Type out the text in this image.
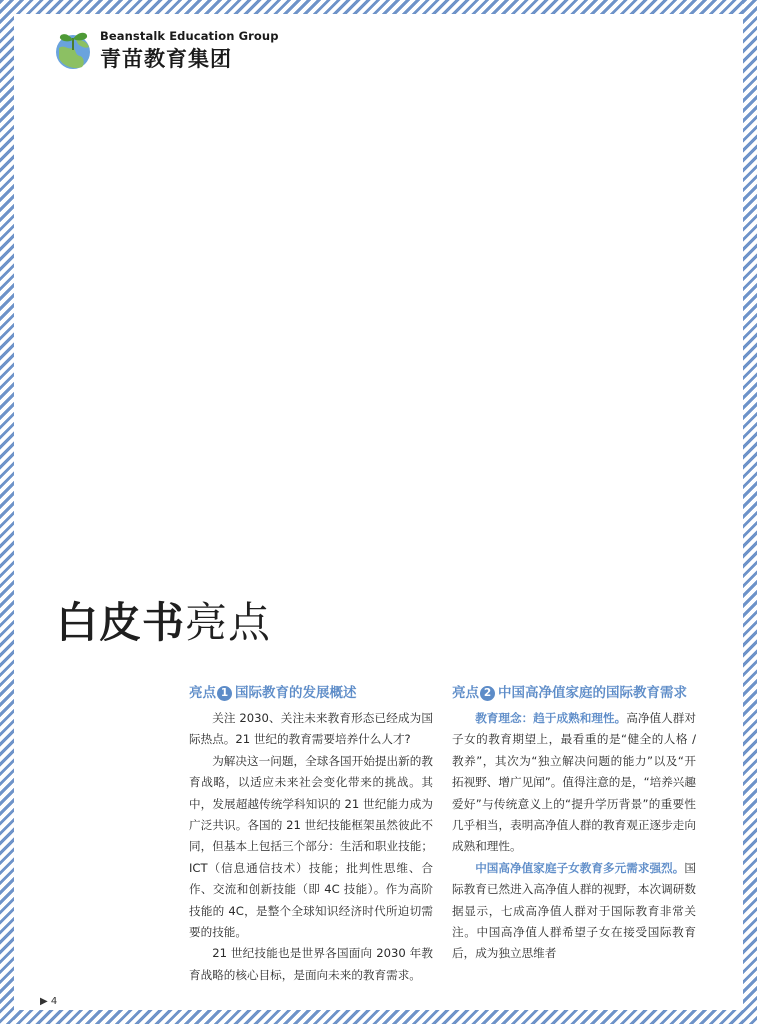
Beanstalk Education Group
青苗教育集团
白皮书亮点
亮点 1 国际教育的发展概述

关注 2030、关注未来教育形态已经成为国际热点。21 世纪的教育需要培养什么人才?

为解决这一问题，全球各国开始提出新的教育战略，以适应未来社会变化带来的挑战。其中，发展超越传统学科知识的 21 世纪能力成为广泛共识。各国的 21 世纪技能框架虽然彼此不同，但基本上包括三个部分：生活和职业技能；ICT（信息通信技术）技能；批判性思维、合作、交流和创新技能（即 4C 技能）。作为高阶技能的 4C，是整个全球知识经济时代所迫切需要的技能。

21 世纪技能也是世界各国面向 2030 年教育战略的核心目标，是面向未来的教育需求。

亮点 2 中国高净值家庭的国际教育需求

教育理念：趋于成熟和理性。高净值人群对子女的教育期望上，最看重的是“健全的人格 / 教养”，其次为“独立解决问题的能力”以及“开拓视野、增广见闻”。值得注意的是，“培养兴趣爱好”与传统意义上的“提升学历背景”的重要性几乎相当，表明高净值人群的教育观正逐步走向成熟和理性。

中国高净值家庭子女教育多元需求强烈。国际教育已然进入高净值人群的视野，本次调研数据显示，七成高净值人群对于国际教育非常关注。中国高净值人群希望子女在接受国际教育后，成为独立思维者

▶ 4
